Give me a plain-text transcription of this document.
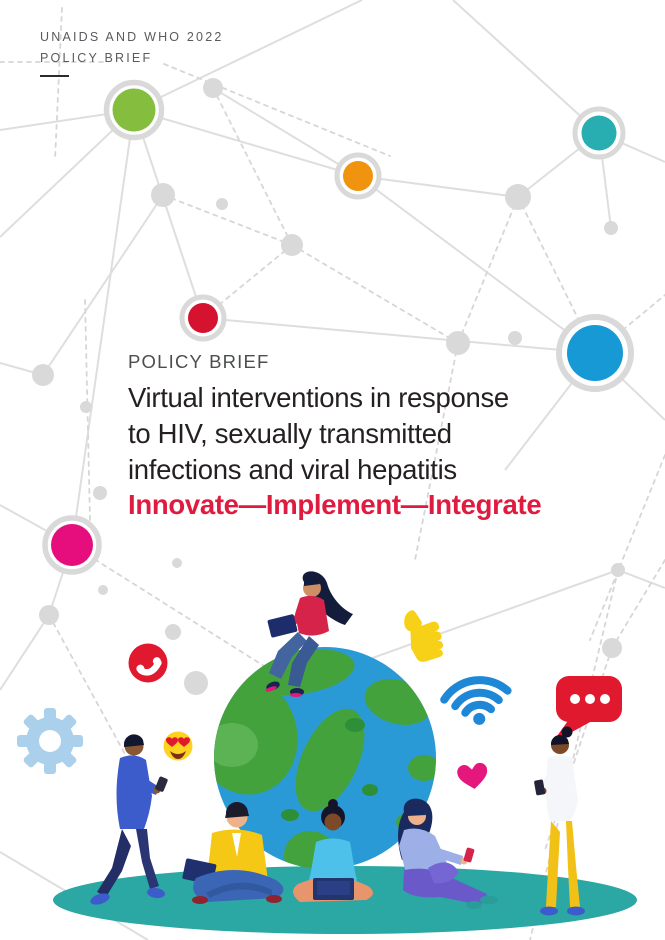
UNAIDS AND WHO 2022
POLICY BRIEF
POLICY BRIEF
Virtual interventions in response
to HIV, sexually transmitted
infections and viral hepatitis
Innovate—Implement—Integrate
